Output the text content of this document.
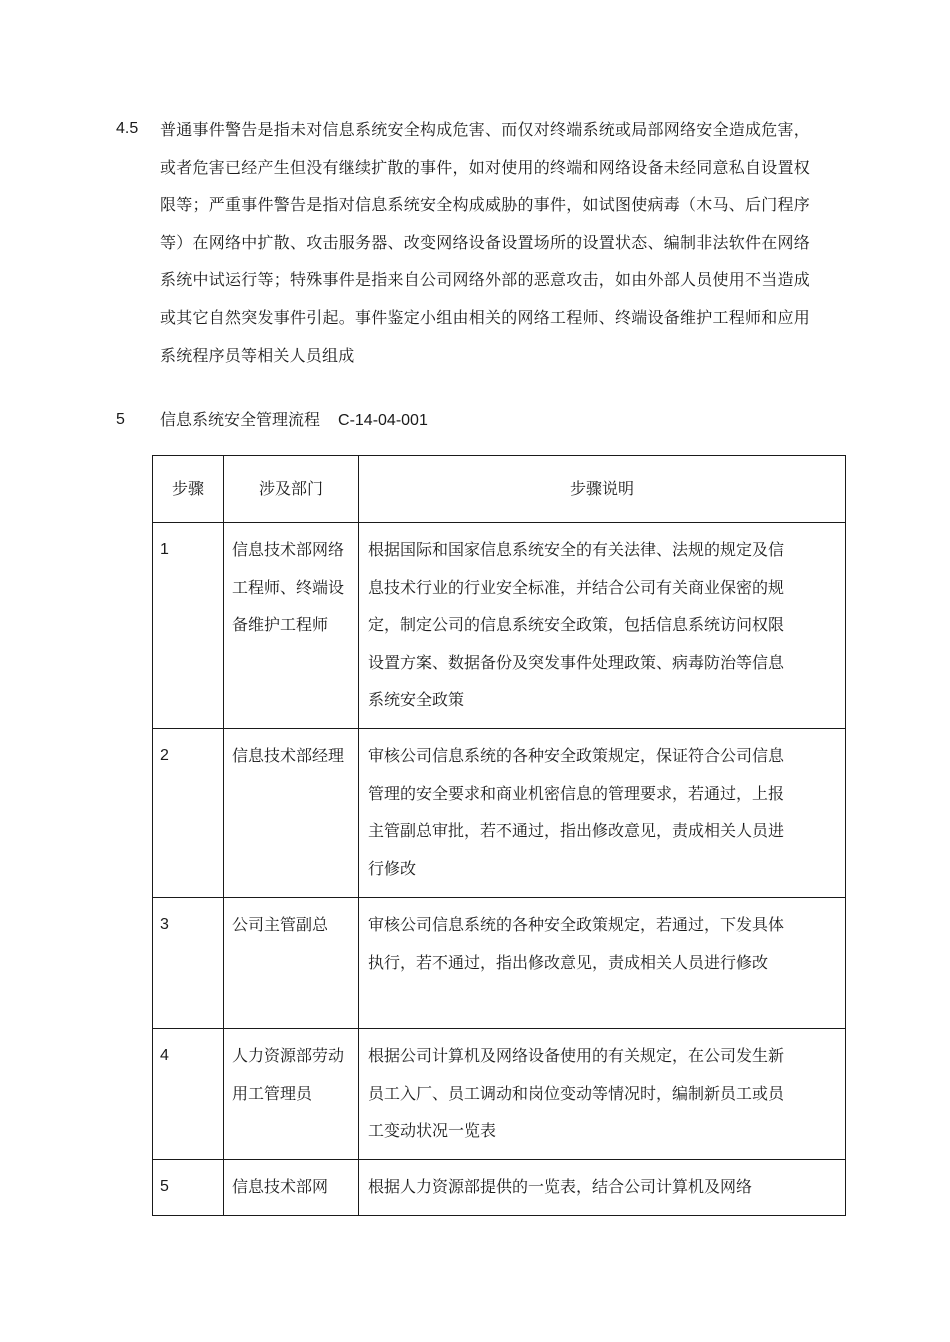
4.5 普通事件警告是指未对信息系统安全构成危害、而仅对终端系统或局部网络安全造成危害，或者危害已经产生但没有继续扩散的事件，如对使用的终端和网络设备未经同意私自设置权限等；严重事件警告是指对信息系统安全构成威胁的事件，如试图使病毒（木马、后门程序等）在网络中扩散、攻击服务器、改变网络设备设置场所的设置状态、编制非法软件在网络系统中试运行等；特殊事件是指来自公司网络外部的恶意攻击，如由外部人员使用不当造成或其它自然突发事件引起。事件鉴定小组由相关的网络工程师、终端设备维护工程师和应用系统程序员等相关人员组成
5 信息系统安全管理流程 C-14-04-001
步骤	涉及部门	步骤说明
1	信息技术部网络工程师、终端设备维护工程师	根据国际和国家信息系统安全的有关法律、法规的规定及信息技术行业的行业安全标准，并结合公司有关商业保密的规定，制定公司的信息系统安全政策，包括信息系统访问权限设置方案、数据备份及突发事件处理政策、病毒防治等信息系统安全政策

2	信息技术部经理	审核公司信息系统的各种安全政策规定，保证符合公司信息管理的安全要求和商业机密信息的管理要求，若通过，上报主管副总审批，若不通过，指出修改意见，责成相关人员进行修改

3	公司主管副总	审核公司信息系统的各种安全政策规定，若通过，下发具体执行，若不通过，指出修改意见，责成相关人员进行修改

4	人力资源部劳动用工管理员	根据公司计算机及网络设备使用的有关规定，在公司发生新员工入厂、员工调动和岗位变动等情况时，编制新员工或员工变动状况一览表

5	信息技术部网	根据人力资源部提供的一览表，结合公司计算机及网络
